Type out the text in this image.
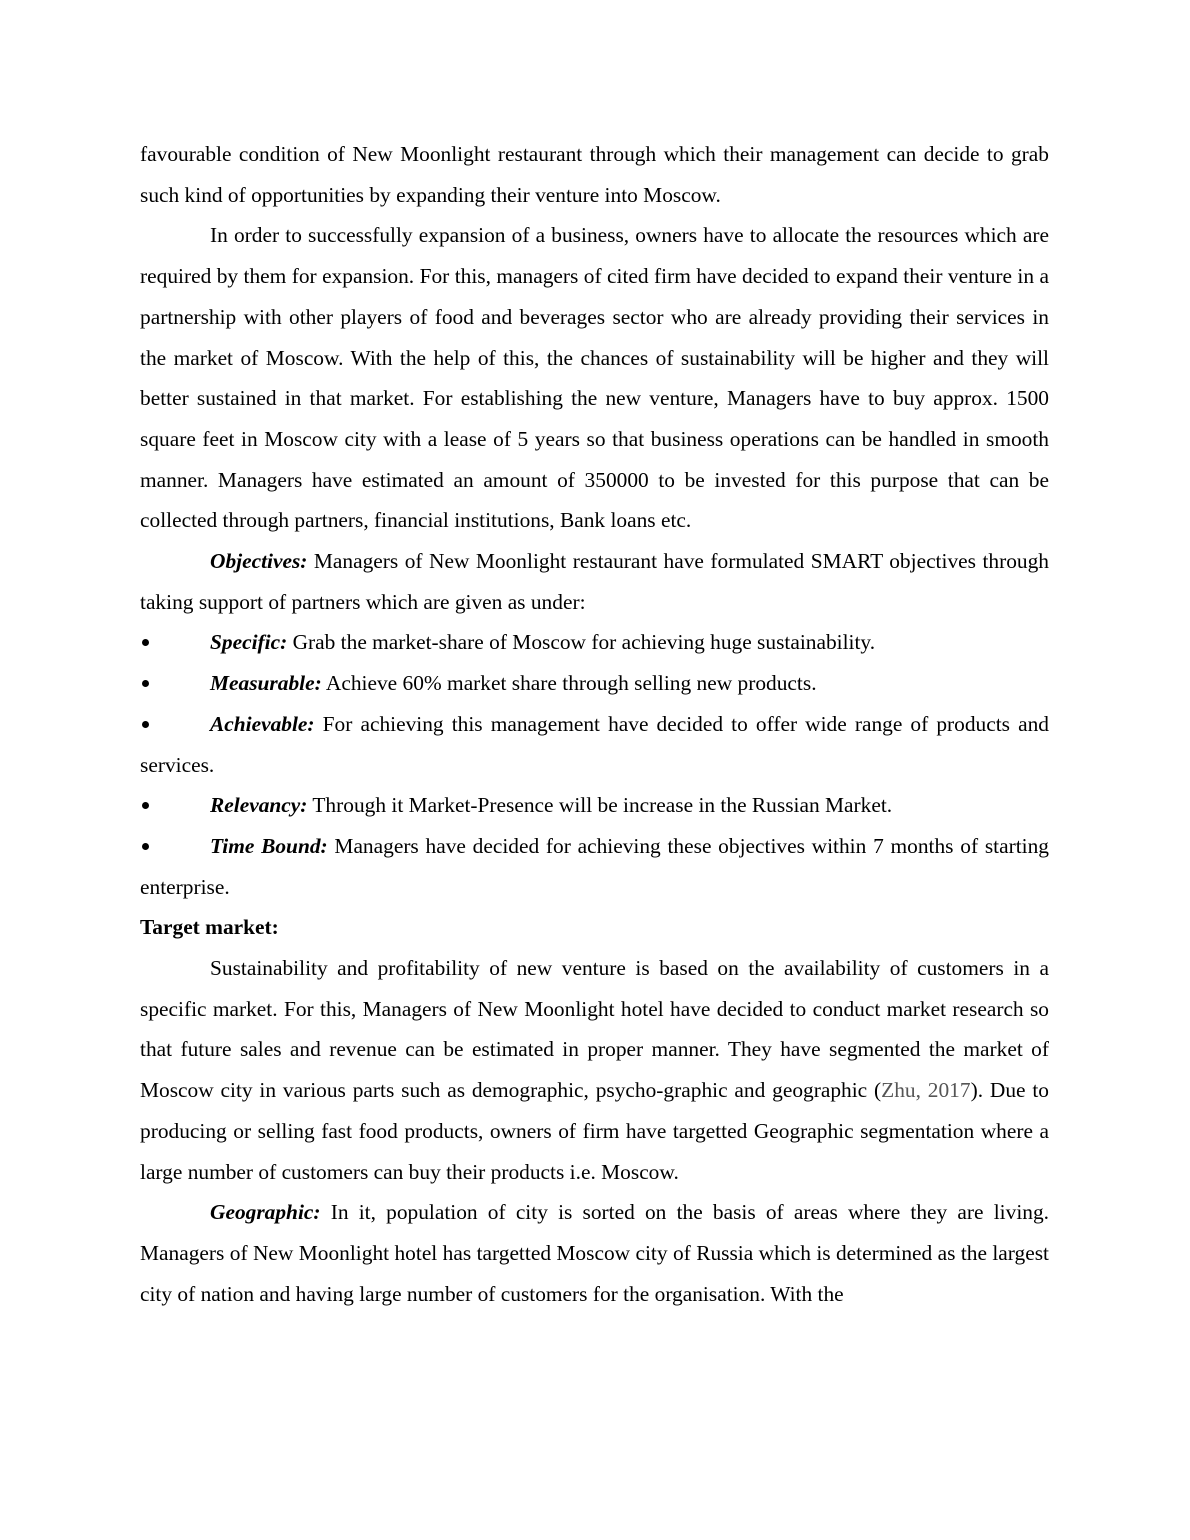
favourable condition of New Moonlight restaurant through which their management can decide to grab such kind of opportunities by expanding their venture into Moscow.

In order to successfully expansion of a business, owners have to allocate the resources which are required by them for expansion. For this, managers of cited firm have decided to expand their venture in a partnership with other players of food and beverages sector who are already providing their services in the market of Moscow. With the help of this, the chances of sustainability will be higher and they will better sustained in that market. For establishing the new venture, Managers have to buy approx. 1500 square feet in Moscow city with a lease of 5 years so that business operations can be handled in smooth manner. Managers have estimated an amount of 350000 to be invested for this purpose that can be collected through partners, financial institutions, Bank loans etc.

Objectives: Managers of New Moonlight restaurant have formulated SMART objectives through taking support of partners which are given as under:

Specific: Grab the market-share of Moscow for achieving huge sustainability.

Measurable: Achieve 60% market share through selling new products.

Achievable: For achieving this management have decided to offer wide range of products and services.

Relevancy: Through it Market-Presence will be increase in the Russian Market.

Time Bound: Managers have decided for achieving these objectives within 7 months of starting enterprise.

Target market:

Sustainability and profitability of new venture is based on the availability of customers in a specific market. For this, Managers of New Moonlight hotel have decided to conduct market research so that future sales and revenue can be estimated in proper manner. They have segmented the market of Moscow city in various parts such as demographic, psycho-graphic and geographic (Zhu, 2017). Due to producing or selling fast food products, owners of firm have targetted Geographic segmentation where a large number of customers can buy their products i.e. Moscow.

Geographic: In it, population of city is sorted on the basis of areas where they are living. Managers of New Moonlight hotel has targetted Moscow city of Russia which is determined as the largest city of nation and having large number of customers for the organisation. With the
